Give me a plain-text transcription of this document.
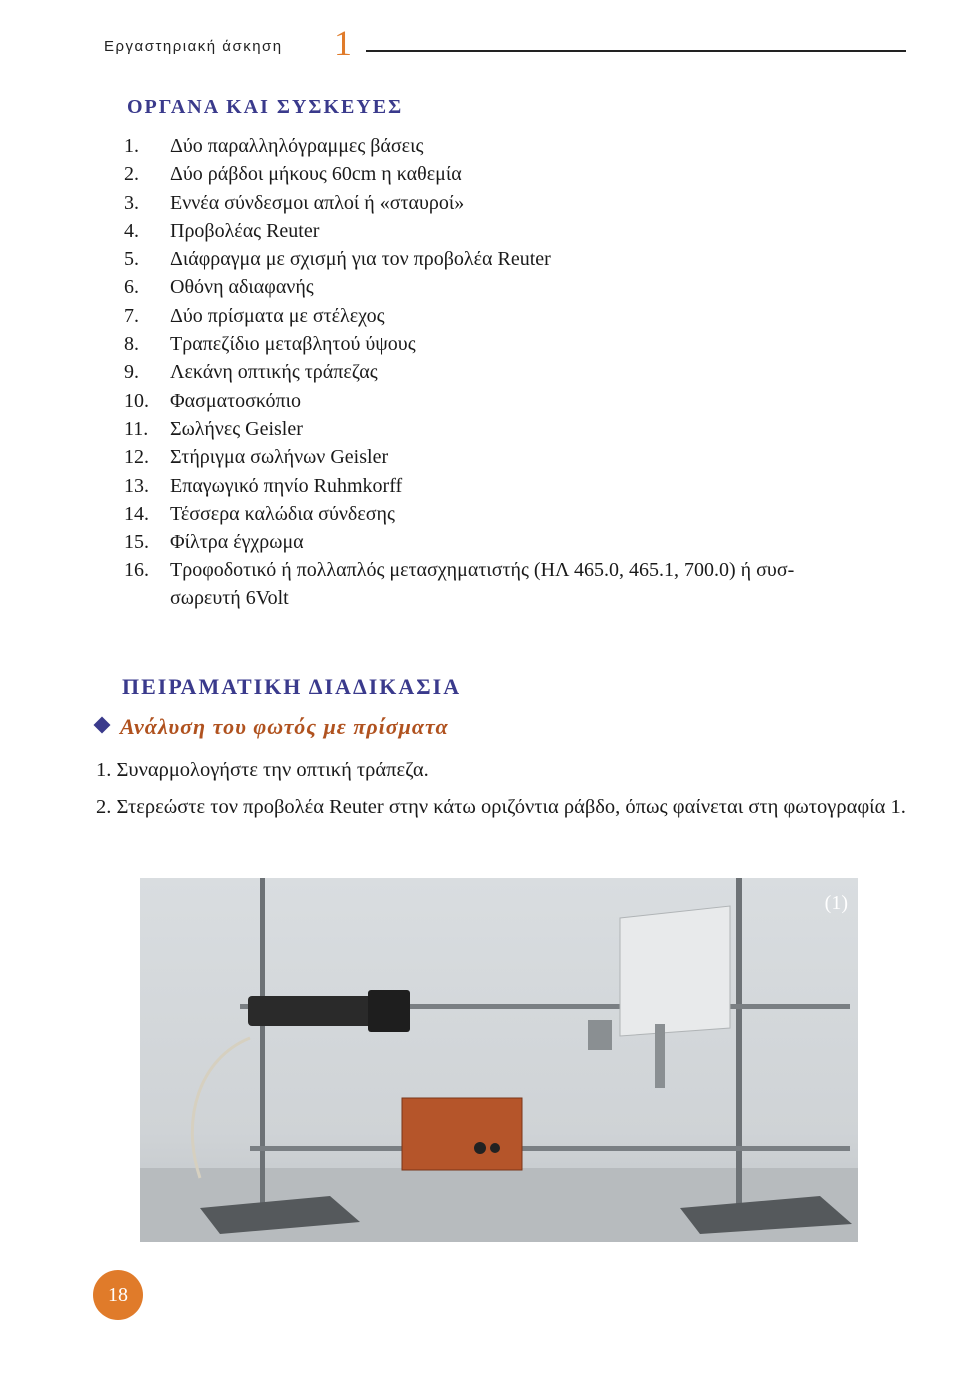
Εργαστηριακή άσκηση 1
ΟΡΓΑΝΑ ΚΑΙ ΣΥΣΚΕΥΕΣ
1. Δύο παραλληλόγραμμες βάσεις
2. Δύο ράβδοι μήκους 60cm η καθεμία
3. Εννέα σύνδεσμοι απλοί ή «σταυροί»
4. Προβολέας Reuter
5. Διάφραγμα με σχισμή για τον προβολέα Reuter
6. Οθόνη αδιαφανής
7. Δύο πρίσματα με στέλεχος
8. Τραπεζίδιο μεταβλητού ύψους
9. Λεκάνη οπτικής τράπεζας
10. Φασματοσκόπιο
11. Σωλήνες Geisler
12. Στήριγμα σωλήνων Geisler
13. Επαγωγικό πηνίο Ruhmkorff
14. Τέσσερα καλώδια σύνδεσης
15. Φίλτρα έγχρωμα
16. Τροφοδοτικό ή πολλαπλός μετασχηματιστής (ΗΛ 465.0, 465.1, 700.0) ή συσ-
σωρευτή 6Volt
ΠΕΙΡΑΜΑΤΙΚΗ ΔΙΑΔΙΚΑΣΙΑ
Ανάλυση του φωτός με πρίσματα
1. Συναρμολογήστε την οπτική τράπεζα.
2. Στερεώστε τον προβολέα Reuter στην κάτω οριζόντια ράβδο, όπως φαίνεται στη φωτογραφία 1.
(1)
18
